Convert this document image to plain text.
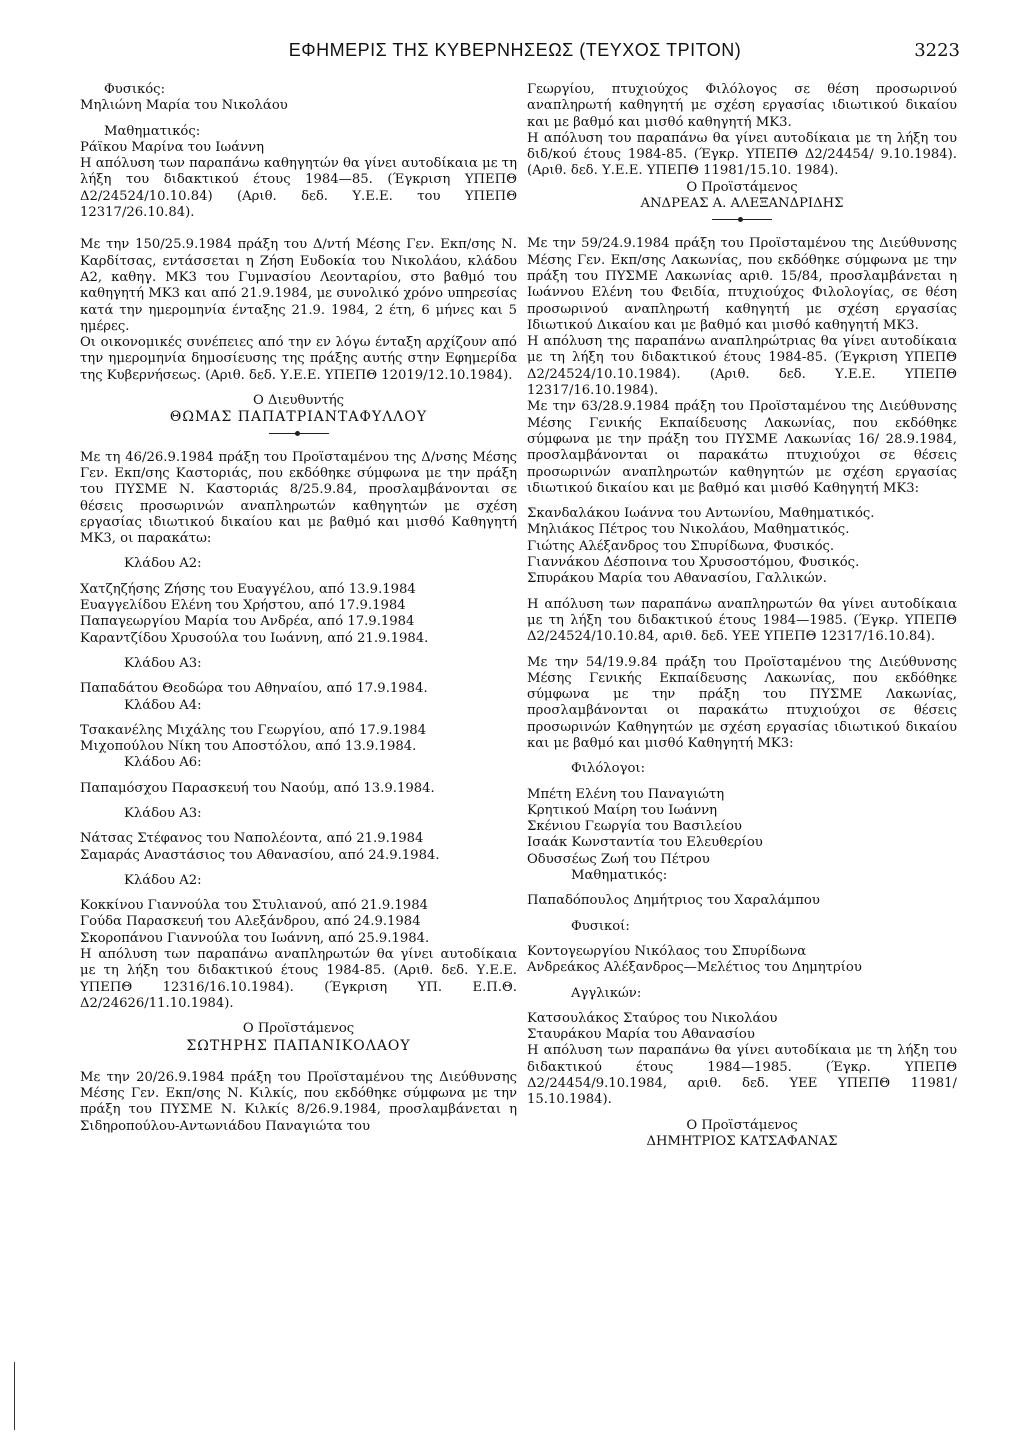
ΕΦΗΜΕΡΙΣ ΤΗΣ ΚΥΒΕΡΝΗΣΕΩΣ (ΤΕΥΧΟΣ ΤΡΙΤΟΝ)	3223
Φυσικός:
Μηλιώνη Μαρία του Νικολάου
Μαθηματικός:
Ράϊκου Μαρίνα του Ιωάννη

Η απόλυση των παραπάνω καθηγητών θα γίνει αυτοδίκαια με τη λήξη του διδακτικού έτους 1984—85. (Έγκριση ΥΠΕΠΘ Δ2/24524/10.10.84) (Αριθ. δεδ. Υ.Ε.Ε. του ΥΠΕΠΘ 12317/26.10.84).

Με την 150/25.9.1984 πράξη του Δ/ντή Μέσης Γεν. Εκπ/σης Ν. Καρδίτσας, εντάσσεται η Ζήση Ευδοκία του Νικολάου, κλάδου Α2, καθηγ. ΜΚ3 του Γυμνασίου Λεονταρίου, στο βαθμό του καθηγητή ΜΚ3 και από 21.9.1984, με συνολικό χρόνο υπηρεσίας κατά την ημερομηνία ένταξης 21.9. 1984, 2 έτη, 6 μήνες και 5 ημέρες.

Οι οικονομικές συνέπειες από την εν λόγω ένταξη αρχίζουν από την ημερομηνία δημοσίευσης της πράξης αυτής στην Εφημερίδα της Κυβερνήσεως. (Αριθ. δεδ. Υ.Ε.Ε. ΥΠΕΠΘ 12019/12.10.1984).

Ο Διευθυντής
ΘΩΜΑΣ ΠΑΠΑΤΡΙΑΝΤΑΦΥΛΛΟΥ

Με τη 46/26.9.1984 πράξη του Προϊσταμένου της Δ/νσης Μέσης Γεν. Εκπ/σης Καστοριάς, που εκδόθηκε σύμφωνα με την πράξη του ΠΥΣΜΕ Ν. Καστοριάς 8/25.9.84, προσλαμβάνονται σε θέσεις προσωρινών αναπληρωτών καθηγητών με σχέση εργασίας ιδιωτικού δικαίου και με βαθμό και μισθό Καθηγητή ΜΚ3, οι παρακάτω:

Κλάδου Α2:
Χατζηζήσης Ζήσης του Ευαγγέλου, από 13.9.1984
Ευαγγελίδου Ελένη του Χρήστου, από 17.9.1984
Παπαγεωργίου Μαρία του Ανδρέα, από 17.9.1984
Καραντζίδου Χρυσούλα του Ιωάννη, από 21.9.1984.
Κλάδου Α3:
Παπαδάτου Θεοδώρα του Αθηναίου, από 17.9.1984.
Κλάδου Α4:
Τσακανέλης Μιχάλης του Γεωργίου, από 17.9.1984
Μιχοπούλου Νίκη του Αποστόλου, από 13.9.1984.
Κλάδου Α6:
Παπαμόσχου Παρασκευή του Ναούμ, από 13.9.1984.
Κλάδου Α3:
Νάτσας Στέφανος του Ναπολέοντα, από 21.9.1984
Σαμαράς Αναστάσιος του Αθανασίου, από 24.9.1984.
Κλάδου Α2:
Κοκκίνου Γιαννούλα του Στυλιανού, από 21.9.1984
Γούδα Παρασκευή του Αλεξάνδρου, από 24.9.1984
Σκοροπάνου Γιαννούλα του Ιωάννη, από 25.9.1984.

Η απόλυση των παραπάνω αναπληρωτών θα γίνει αυτοδίκαια με τη λήξη του διδακτικού έτους 1984-85. (Αριθ. δεδ. Υ.Ε.Ε. ΥΠΕΠΘ 12316/16.10.1984). (Έγκριση ΥΠ. Ε.Π.Θ. Δ2/24626/11.10.1984).

Ο Προϊστάμενος
ΣΩΤΗΡΗΣ ΠΑΠΑΝΙΚΟΛΑΟΥ

Με την 20/26.9.1984 πράξη του Προϊσταμένου της Διεύθυνσης Μέσης Γεν. Εκπ/σης Ν. Κιλκίς, που εκδόθηκε σύμφωνα με την πράξη του ΠΥΣΜΕ Ν. Κιλκίς 8/26.9.1984, προσλαμβάνεται η Σιδηροπούλου-Αντωνιάδου Παναγιώτα του

Γεωργίου, πτυχιούχος Φιλόλογος σε θέση προσωρινού αναπληρωτή καθηγητή με σχέση εργασίας ιδιωτικού δικαίου και με βαθμό και μισθό καθηγητή ΜΚ3.

Η απόλυση του παραπάνω θα γίνει αυτοδίκαια με τη λήξη του διδ/κού έτους 1984-85. (Έγκρ. ΥΠΕΠΘ Δ2/24454/ 9.10.1984). (Αριθ. δεδ. Υ.Ε.Ε. ΥΠΕΠΘ 11981/15.10. 1984).

Ο Προϊστάμενος
ΑΝΔΡΕΑΣ Α. ΑΛΕΞΑΝΔΡΙΔΗΣ

Με την 59/24.9.1984 πράξη του Προϊσταμένου της Διεύθυνσης Μέσης Γεν. Εκπ/σης Λακωνίας, που εκδόθηκε σύμφωνα με την πράξη του ΠΥΣΜΕ Λακωνίας αριθ. 15/84, προσλαμβάνεται η Ιωάννου Ελένη του Φειδία, πτυχιούχος Φιλολογίας, σε θέση προσωρινού αναπληρωτή καθηγητή με σχέση εργασίας Ιδιωτικού Δικαίου και με βαθμό και μισθό καθηγητή ΜΚ3.

Η απόλυση της παραπάνω αναπληρώτριας θα γίνει αυτοδίκαια με τη λήξη του διδακτικού έτους 1984-85. (Έγκριση ΥΠΕΠΘ Δ2/24524/10.10.1984). (Αριθ. δεδ. Υ.Ε.Ε. ΥΠΕΠΘ 12317/16.10.1984).

Με την 63/28.9.1984 πράξη του Προϊσταμένου της Διεύθυνσης Μέσης Γενικής Εκπαίδευσης Λακωνίας, που εκδόθηκε σύμφωνα με την πράξη του ΠΥΣΜΕ Λακωνίας 16/ 28.9.1984, προσλαμβάνονται οι παρακάτω πτυχιούχοι σε θέσεις προσωρινών αναπληρωτών καθηγητών με σχέση εργασίας ιδιωτικού δικαίου και με βαθμό και μισθό Καθηγητή ΜΚ3:

Σκανδαλάκου Ιωάννα του Αντωνίου, Μαθηματικός.
Μηλιάκος Πέτρος του Νικολάου, Μαθηματικός.
Γιώτης Αλέξανδρος του Σπυρίδωνα, Φυσικός.
Γιαννάκου Δέσποινα του Χρυσοστόμου, Φυσικός.
Σπυράκου Μαρία του Αθανασίου, Γαλλικών.

Η απόλυση των παραπάνω αναπληρωτών θα γίνει αυτοδίκαια με τη λήξη του διδακτικού έτους 1984—1985. (Έγκρ. ΥΠΕΠΘ Δ2/24524/10.10.84, αριθ. δεδ. ΥΕΕ ΥΠΕΠΘ 12317/16.10.84).

Με την 54/19.9.84 πράξη του Προϊσταμένου της Διεύθυνσης Μέσης Γενικής Εκπαίδευσης Λακωνίας, που εκδόθηκε σύμφωνα με την πράξη του ΠΥΣΜΕ Λακωνίας, προσλαμβάνονται οι παρακάτω πτυχιούχοι σε θέσεις προσωρινών Καθηγητών με σχέση εργασίας ιδιωτικού δικαίου και με βαθμό και μισθό Καθηγητή ΜΚ3:

Φιλόλογοι:
Μπέτη Ελένη του Παναγιώτη
Κρητικού Μαίρη του Ιωάννη
Σκένιου Γεωργία του Βασιλείου
Ισαάκ Κωνσταντία του Ελευθερίου
Οδυσσέως Ζωή του Πέτρου
Μαθηματικός:
Παπαδόπουλος Δημήτριος του Χαραλάμπου
Φυσικοί:
Κοντογεωργίου Νικόλαος του Σπυρίδωνα
Ανδρεάκος Αλέξανδρος—Μελέτιος του Δημητρίου
Αγγλικών:
Κατσουλάκος Σταύρος του Νικολάου
Σταυράκου Μαρία του Αθανασίου

Η απόλυση των παραπάνω θα γίνει αυτοδίκαια με τη λήξη του διδακτικού έτους 1984—1985. (Έγκρ. ΥΠΕΠΘ Δ2/24454/9.10.1984, αριθ. δεδ. ΥΕΕ ΥΠΕΠΘ 11981/ 15.10.1984).

Ο Προϊστάμενος
ΔΗΜΗΤΡΙΟΣ ΚΑΤΣΑΦΑΝΑΣ
